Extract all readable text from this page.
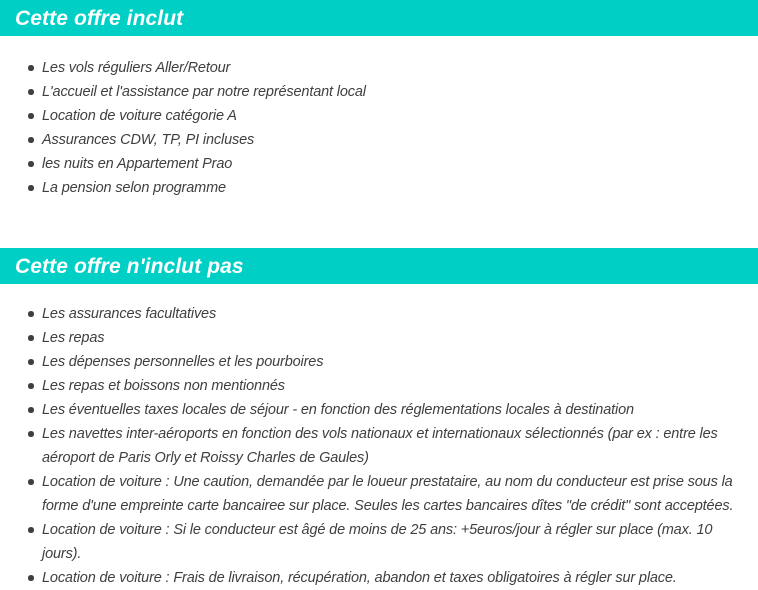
Cette offre inclut
Les vols réguliers Aller/Retour
L'accueil et l'assistance par notre représentant local
Location de voiture catégorie A
Assurances CDW, TP, PI incluses
les nuits en Appartement Prao
La pension selon programme
Cette offre n'inclut pas
Les assurances facultatives
Les repas
Les dépenses personnelles et les pourboires
Les repas et boissons non mentionnés
Les éventuelles taxes locales de séjour - en fonction des réglementations locales à destination
Les navettes inter-aéroports en fonction des vols nationaux et internationaux sélectionnés (par ex : entre les aéroport de Paris Orly et Roissy Charles de Gaules)
Location de voiture : Une caution, demandée par le loueur prestataire, au nom du conducteur est prise sous la forme d'une empreinte carte bancairee sur place. Seules les cartes bancaires dîtes "de crédit" sont acceptées.
Location de voiture : Si le conducteur est âgé de moins de 25 ans: +5euros/jour à régler sur place (max. 10 jours).
Location de voiture : Frais de livraison, récupération, abandon et taxes obligatoires à régler sur place.
